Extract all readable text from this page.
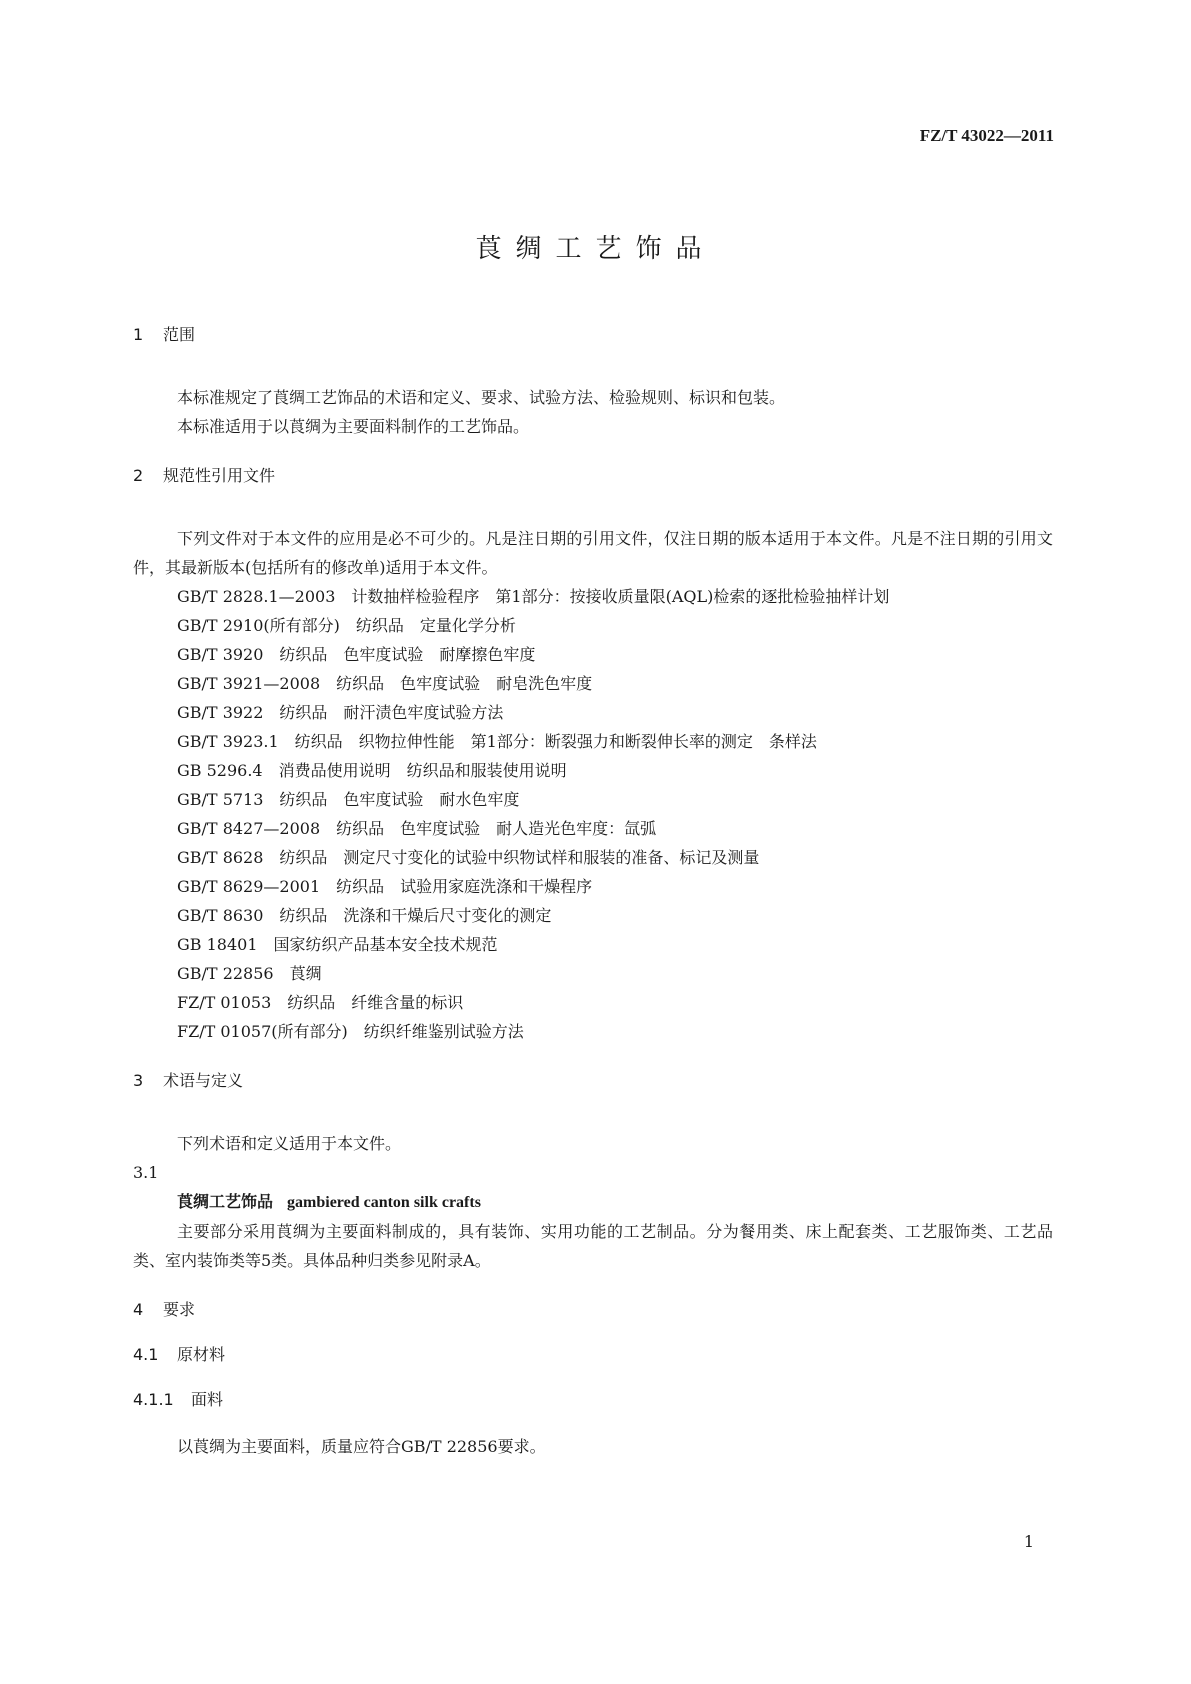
FZ/T 43022—2011
莨绸工艺饰品
1 范围

本标准规定了莨绸工艺饰品的术语和定义、要求、试验方法、检验规则、标识和包装。

本标准适用于以莨绸为主要面料制作的工艺饰品。

2 规范性引用文件

下列文件对于本文件的应用是必不可少的。凡是注日期的引用文件，仅注日期的版本适用于本文件。凡是不注日期的引用文件，其最新版本(包括所有的修改单)适用于本文件。

GB/T 2828.1—2003　计数抽样检验程序　第1部分：按接收质量限(AQL)检索的逐批检验抽样计划

GB/T 2910(所有部分)　纺织品　定量化学分析

GB/T 3920　纺织品　色牢度试验　耐摩擦色牢度

GB/T 3921—2008　纺织品　色牢度试验　耐皂洗色牢度

GB/T 3922　纺织品　耐汗渍色牢度试验方法

GB/T 3923.1　纺织品　织物拉伸性能　第1部分：断裂强力和断裂伸长率的测定　条样法

GB 5296.4　消费品使用说明　纺织品和服装使用说明

GB/T 5713　纺织品　色牢度试验　耐水色牢度

GB/T 8427—2008　纺织品　色牢度试验　耐人造光色牢度：氙弧

GB/T 8628　纺织品　测定尺寸变化的试验中织物试样和服装的准备、标记及测量

GB/T 8629—2001　纺织品　试验用家庭洗涤和干燥程序

GB/T 8630　纺织品　洗涤和干燥后尺寸变化的测定

GB 18401　国家纺织产品基本安全技术规范

GB/T 22856　莨绸

FZ/T 01053　纺织品　纤维含量的标识

FZ/T 01057(所有部分)　纺织纤维鉴别试验方法

3 术语与定义

下列术语和定义适用于本文件。

3.1

莨绸工艺饰品 gambiered canton silk crafts

主要部分采用莨绸为主要面料制成的，具有装饰、实用功能的工艺制品。分为餐用类、床上配套类、工艺服饰类、工艺品类、室内装饰类等5类。具体品种归类参见附录A。

4 要求
4.1 原材料
4.1.1 面料

以莨绸为主要面料，质量应符合GB/T 22856要求。

1
